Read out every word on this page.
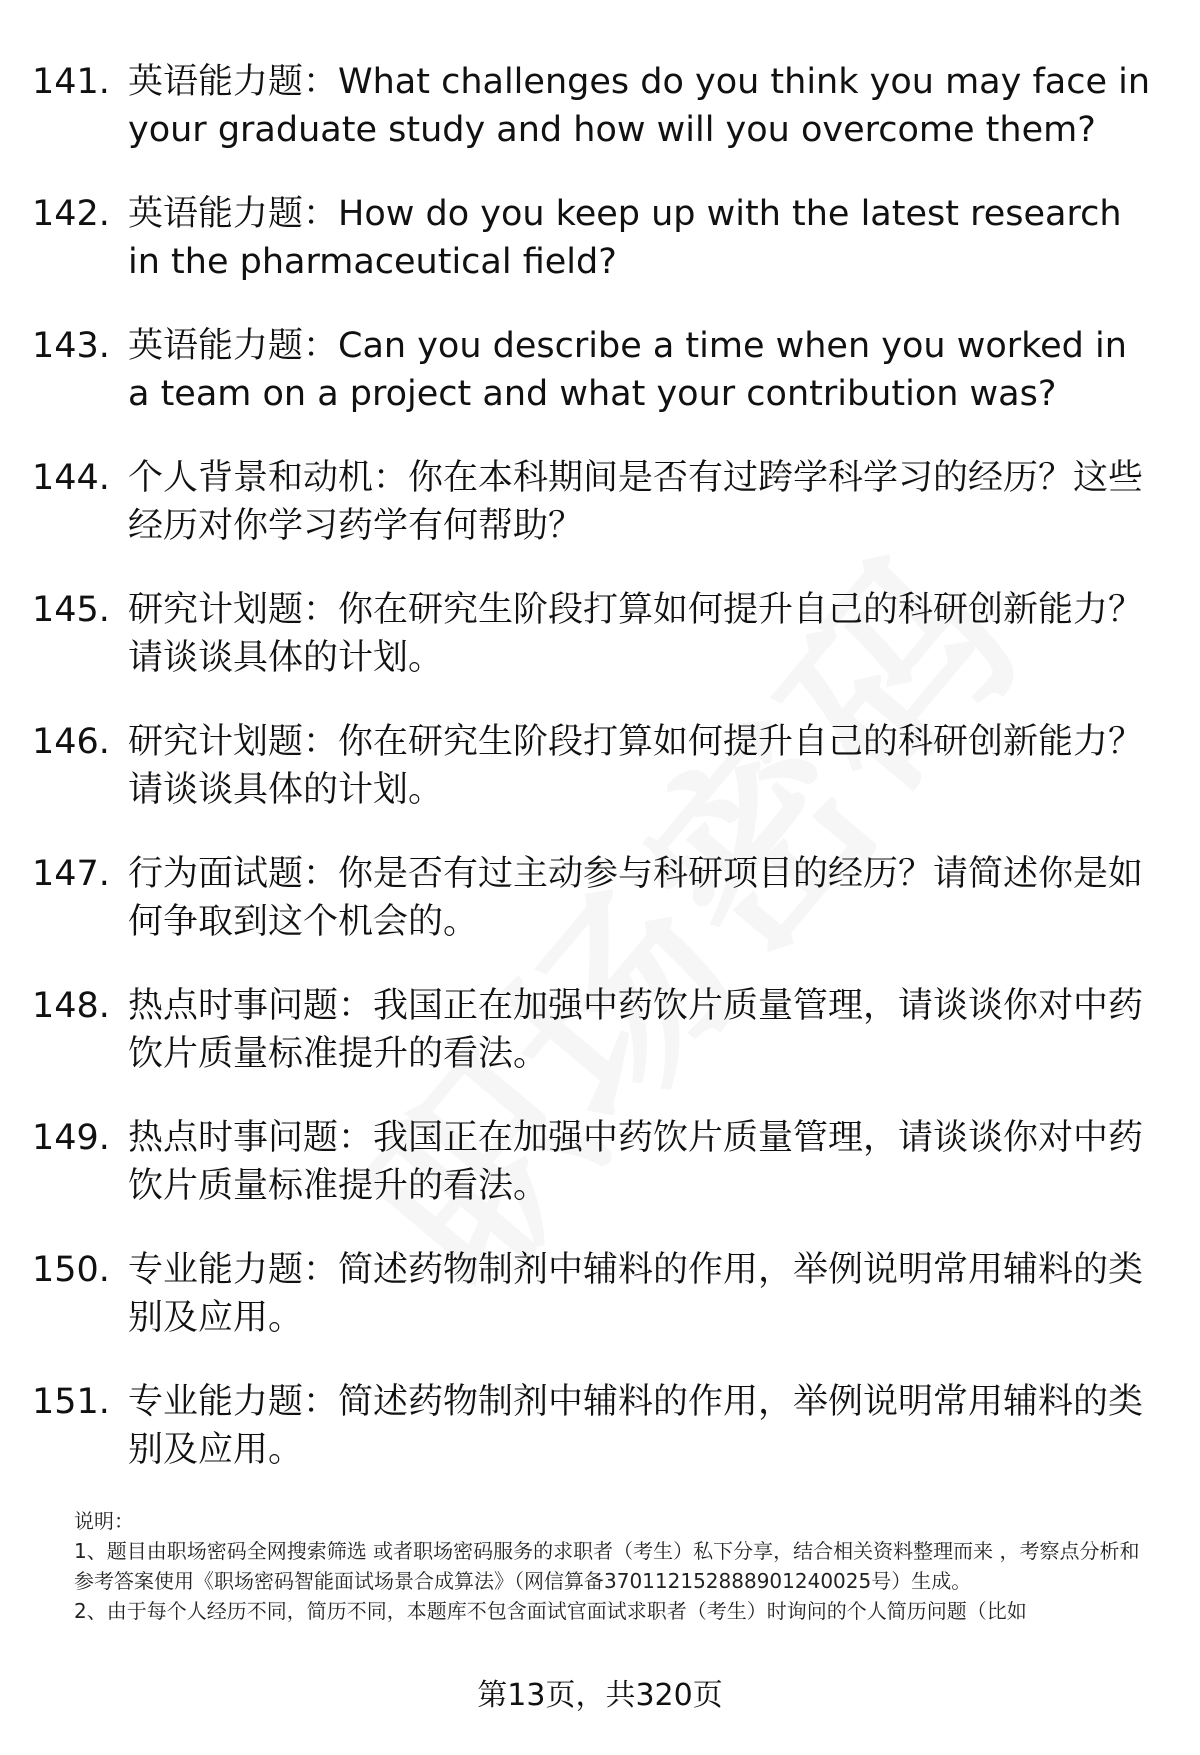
141. 英语能力题：What challenges do you think you may face in your graduate study and how will you overcome them?
142. 英语能力题：How do you keep up with the latest research in the pharmaceutical field?
143. 英语能力题：Can you describe a time when you worked in a team on a project and what your contribution was?
144. 个人背景和动机：你在本科期间是否有过跨学科学习的经历？这些经历对你学习药学有何帮助？
145. 研究计划题：你在研究生阶段打算如何提升自己的科研创新能力？请谈谈具体的计划。
146. 研究计划题：你在研究生阶段打算如何提升自己的科研创新能力？请谈谈具体的计划。
147. 行为面试题：你是否有过主动参与科研项目的经历？请简述你是如何争取到这个机会的。
148. 热点时事问题：我国正在加强中药饮片质量管理，请谈谈你对中药饮片质量标准提升的看法。
149. 热点时事问题：我国正在加强中药饮片质量管理，请谈谈你对中药饮片质量标准提升的看法。
150. 专业能力题：简述药物制剂中辅料的作用，举例说明常用辅料的类别及应用。
151. 专业能力题：简述药物制剂中辅料的作用，举例说明常用辅料的类别及应用。
说明：
1、题目由职场密码全网搜索筛选 或者职场密码服务的求职者（考生）私下分享，结合相关资料整理而来 ，考察点分析和参考答案使用《职场密码智能面试场景合成算法》（网信算备370112152888901240025号）生成。
2、由于每个人经历不同，简历不同，本题库不包含面试官面试求职者（考生）时询问的个人简历问题（比如
第13页，共320页
